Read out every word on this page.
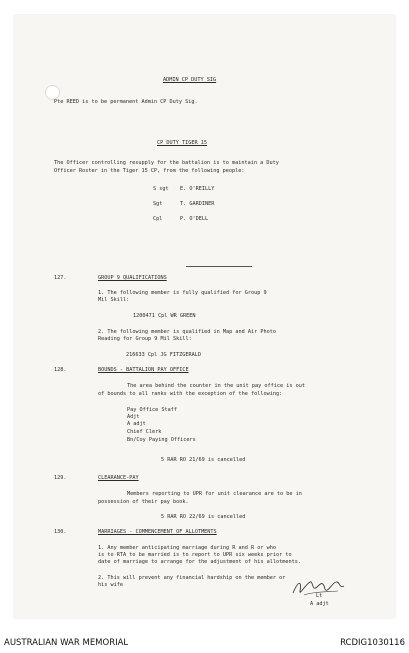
ADMIN CP DUTY SIG
Pte REED is to be permanent Admin CP Duty Sig.
CP DUTY TIGER 15
The Officer controlling resupply for the battalion is to maintain a Duty
Officer Roster in the Tiger 15 CP, from the following people:
S sgt E. O'REILLY
Sgt	T. GARDINER
Cpl	P. O'DELL
127.	GROUP 9 QUALIFICATIONS
1. The following member is fully qualified for Group 9
Mil Skill:
1200471 Cpl WR GREEN
2. The following member is qualified in Map and Air Photo
Reading for Group 9 Mil Skill:
216633 Cpl JG FITZGERALD
128.	BOUNDS - BATTALION PAY OFFICE
The area behind the counter in the unit pay office is out
of bounds to all ranks with the exception of the following:
Pay Office Staff
Adjt
A adjt
Chief Clerk
Bn/Coy Paying Officers
5 RAR RO 21/69 is cancelled
129.	CLEARANCE-PAY
Members reporting to UPR for unit clearance are to be in
possession of their pay book.
5 RAR RO 22/69 is cancelled
130.	MARRIAGES - COMMENCEMENT OF ALLOTMENTS
1. Any member anticipating marriage during R and R or who
is to RTA to be married is to report to UPR six weeks prior to
date of marriage to arrange for the adjustment of his allotments.
2. This will prevent any financial hardship on the member or
his wife
Lt
A adjt
AUSTRALIAN WAR MEMORIAL	RCDIG1030116
